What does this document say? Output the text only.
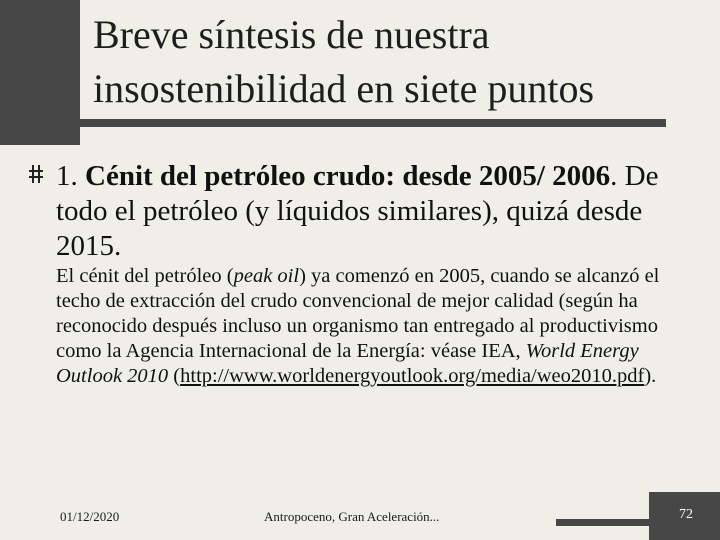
Breve síntesis de nuestra
insostenibilidad en siete puntos
1. Cénit del petróleo crudo: desde 2005/ 2006. De todo el petróleo (y líquidos similares), quizá desde 2015.
El cénit del petróleo (peak oil) ya comenzó en 2005, cuando se alcanzó el techo de extracción del crudo convencional de mejor calidad (según ha reconocido después incluso un organismo tan entregado al productivismo como la Agencia Internacional de la Energía: véase IEA, World Energy Outlook 2010 (http://www.worldenergyoutlook.org/media/weo2010.pdf).
01/12/2020	Antropoceno, Gran Aceleración...	72
